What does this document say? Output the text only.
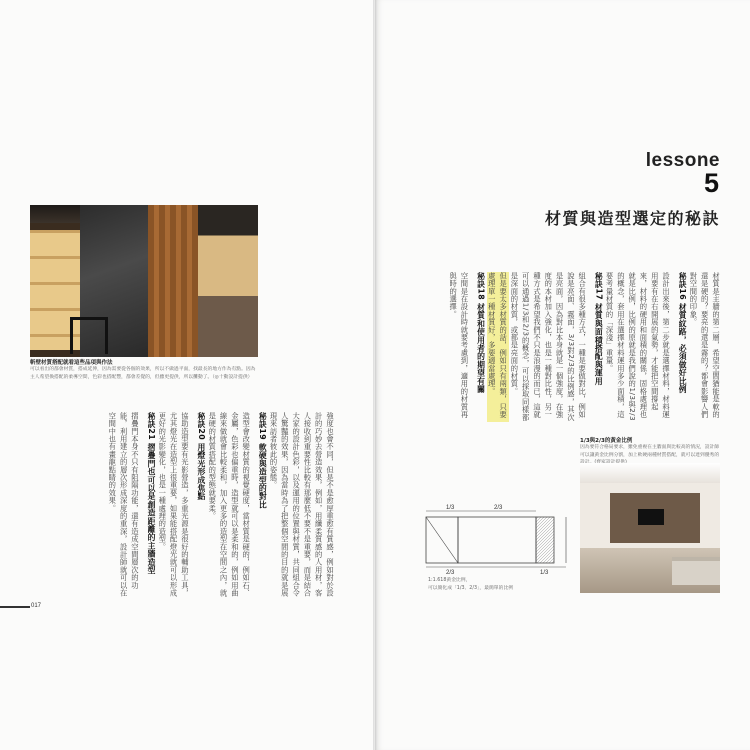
lessone
5
材質與造型選定的秘訣
材質是主牆的第二層，希望空間猶能是軟的還是硬的？要亮的還是霧的？都會影響人們對空間的印象。
秘訣16 材質紋路，必須做好比例
設計出來後，第二步就是選擇材料，材料運用要有在右開展的氣勢，才能把空間撐起來，材料的硬用和面積的關係，固格處理也就是比例，比例的原就是我們說的1/3與2/3的概念，套用在選擇材料運用多少面積，這要考量材質的「深淺」重量。
秘訣17 材質與面積搭配與運用
組合有很多種方式，一種是要做對比，例如說是亮面、霧面，3/3對2/3的比例感，其次是亮面，因為對比本身就是一個強度，在強度的本材加入強化，也是一種對比性，另一種方式是希望我們不只是浪漫的而已，這就可以通過1/3和2/3的概念，可以採取同樣都是深面的材質，或都是亮面的材質。
但是要太多材質的話，例如只有兩類，只要處理單一種材質好，多要適當處理。
秘訣18 材質和使用者的期望有關
空間是在設計時就要考慮到，適用的材質再與時的選擇。
強度也會不同，但是不是愈厚重愈有質感，例如對於設計的巧妙去營造效果，例如，用纖柔質感的人用材，客人接收到重要性比較有那麼低不要不是重要，而是結合大家的設計色彩，以及運用的位置與材質，共同組合令人驚豔的效果，因為當時為了把整個空間的目的就是展現來訪者彼此的姿態。
秘訣19 軟硬與造型的對比
造型會改變材質的視覺硬度，當材質是硬的，例如石、金屬，色彩也偏重時，造型就可以是柔和的，例如用曲線來做就會比較柔和，加入更多的造型在空間之內，就是硬的材質搭配的型態就要柔。
秘訣20 用燈光形成焦點
協助造型要有光影營造，多重光源是很好的輔助工具，尤其燈光在造型上很重要，如果能搭配燈光就可以形成更好的光影變化，也是一種處理的造型。
秘訣21 摺疊門也可以是創造距離的主牆造型
摺疊門本身不只有阻隔功能，還有造成空間層次的功能，利用建立的層次形成深度的重深，設計師就可以在空間中也有畫龍點睛的效果。
斬壁材質搭配就看這些品項與作法
可以看出的都會材質，搭成延伸，因為需要從各個的效果，所以不做過平面，找最長的地方作為有點。因為主人希望換搭配的柔導空間，色彩也搭配豐，都會差覺的，但雖更提供，所以攤動了。（◎十動設計提供）
1/3與2/3的黃金比例
因為要符合格局要求，雖免重複在主牆面與比較高的情況，設計師可以讓黃金比例分割，加上軟硬兩種材質搭配，就可以達到優秀的
1/3	2/3
2/3	1/3
1:1.618黃金比例，
可以簡化成「1/3、2/3」，最簡單的比例
017
